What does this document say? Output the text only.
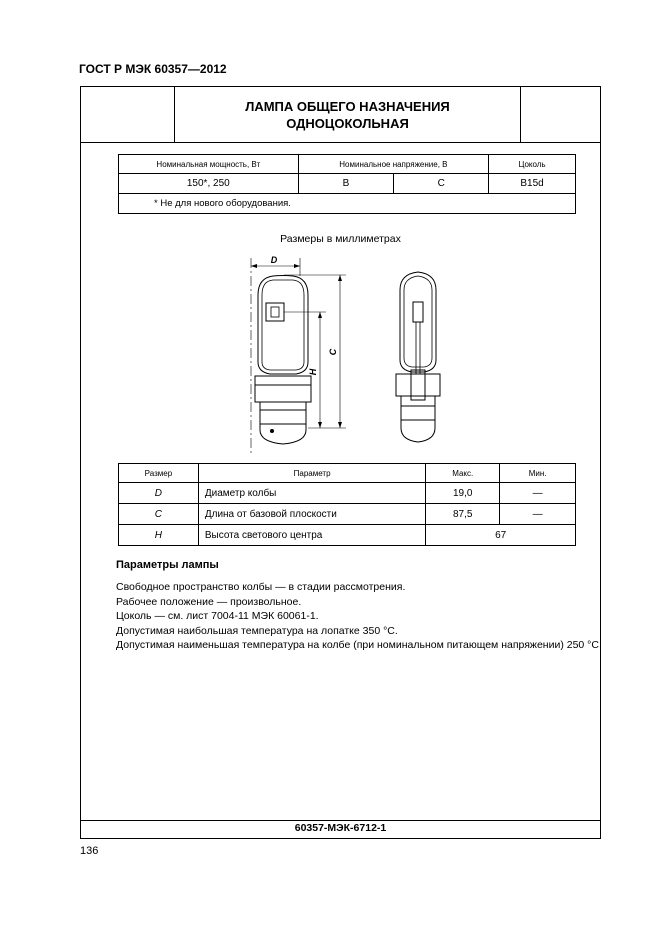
ГОСТ Р МЭК 60357—2012
ЛАМПА ОБЩЕГО НАЗНАЧЕНИЯ
ОДНОЦОКОЛЬНАЯ
Номинальная мощность, Вт	Номинальное напряжение, В		Цоколь
150*, 250	В	С	B15d
* Не для нового оборудования.			
Размеры в миллиметрах
D
C
H
Размер	Параметр	Макс.	Мин.
D	Диаметр колбы	19,0	—
C	Длина от базовой плоскости	87,5	—
H	Высота светового центра	67	
Параметры лампы
Свободное пространство колбы — в стадии рассмотрения.
Рабочее положение — произвольное.
Цоколь — см. лист 7004-11 МЭК 60061-1.
Допустимая наибольшая температура на лопатке 350 °С.
Допустимая наименьшая температура на колбе (при номинальном питающем напряжении) 250 °С.
60357-МЭК-6712-1
136
